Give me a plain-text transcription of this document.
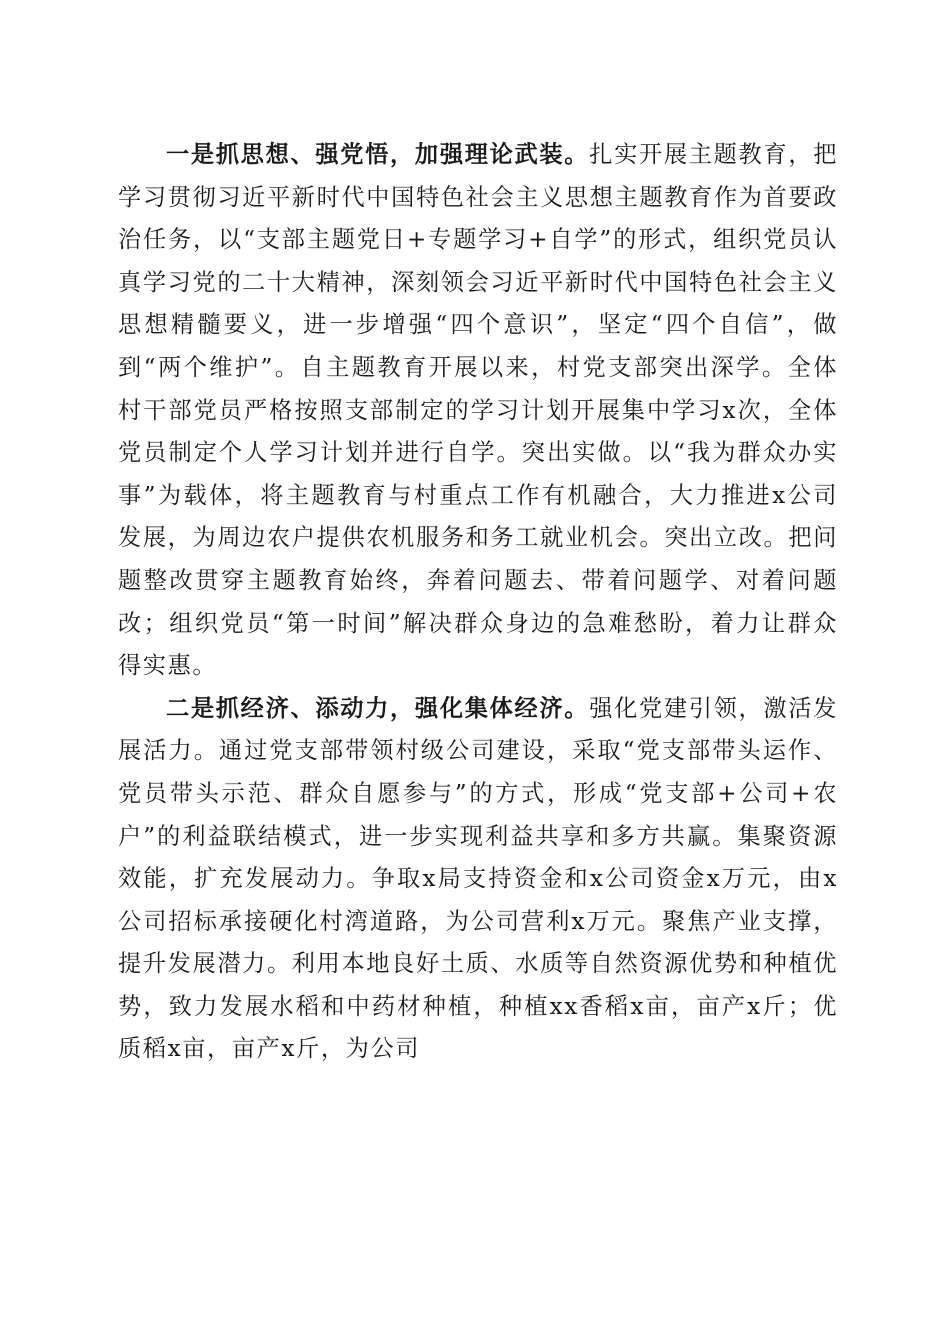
一是抓思想、强党悟，加强理论武装。扎实开展主题教育，把学习贯彻习近平新时代中国特色社会主义思想主题教育作为首要政治任务，以“支部主题党日+专题学习+自学”的形式，组织党员认真学习党的二十大精神，深刻领会习近平新时代中国特色社会主义思想精髓要义，进一步增强“四个意识”，坚定“四个自信”，做到“两个维护”。自主题教育开展以来，村党支部突出深学。全体村干部党员严格按照支部制定的学习计划开展集中学习x次，全体党员制定个人学习计划并进行自学。突出实做。以“我为群众办实事”为载体，将主题教育与村重点工作有机融合，大力推进x公司发展，为周边农户提供农机服务和务工就业机会。突出立改。把问题整改贯穿主题教育始终，奔着问题去、带着问题学、对着问题改；组织党员“第一时间”解决群众身边的急难愁盼，着力让群众得实惠。

二是抓经济、添动力，强化集体经济。强化党建引领，激活发展活力。通过党支部带领村级公司建设，采取“党支部带头运作、党员带头示范、群众自愿参与”的方式，形成“党支部+公司+农户”的利益联结模式，进一步实现利益共享和多方共赢。集聚资源效能，扩充发展动力。争取x局支持资金和x公司资金x万元，由x公司招标承接硬化村湾道路，为公司营利x万元。聚焦产业支撑，提升发展潜力。利用本地良好土质、水质等自然资源优势和种植优势，致力发展水稻和中药材种植，种植xx香稻x亩，亩产x斤；优质稻x亩，亩产x斤，为公司
